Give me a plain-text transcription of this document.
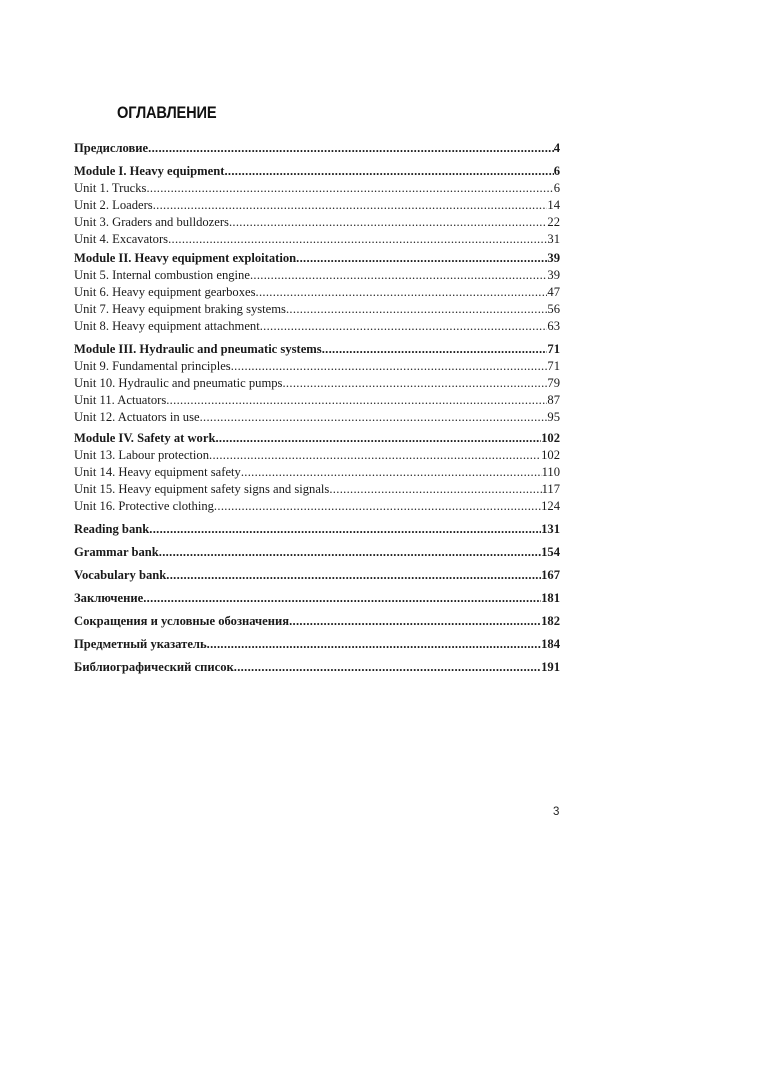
ОГЛАВЛЕНИЕ
Предисловие .....	4
Module I. Heavy equipment .....	6
Unit 1. Trucks .....	6
Unit 2. Loaders .....	14
Unit 3. Graders and bulldozers .....	22
Unit 4. Excavators .....	31
Module II. Heavy equipment exploitation .....	39
Unit 5. Internal combustion engine .....	39
Unit 6. Heavy equipment gearboxes .....	47
Unit 7. Heavy equipment braking systems .....	56
Unit 8. Heavy equipment attachment .....	63
Module III. Hydraulic and pneumatic systems .....	71
Unit 9. Fundamental principles .....	71
Unit 10. Hydraulic and pneumatic pumps .....	79
Unit 11. Actuators .....	87
Unit 12. Actuators in use .....	95
Module IV. Safety at work .....	102
Unit 13. Labour protection .....	102
Unit 14. Heavy equipment safety .....	110
Unit 15. Heavy equipment safety signs and signals .....	117
Unit 16. Protective clothing .....	124
Reading bank .....	131
Grammar bank .....	154
Vocabulary bank .....	167
Заключение .....	181
Сокращения и условные обозначения .....	182
Предметный указатель .....	184
Библиографический список .....	191
3
